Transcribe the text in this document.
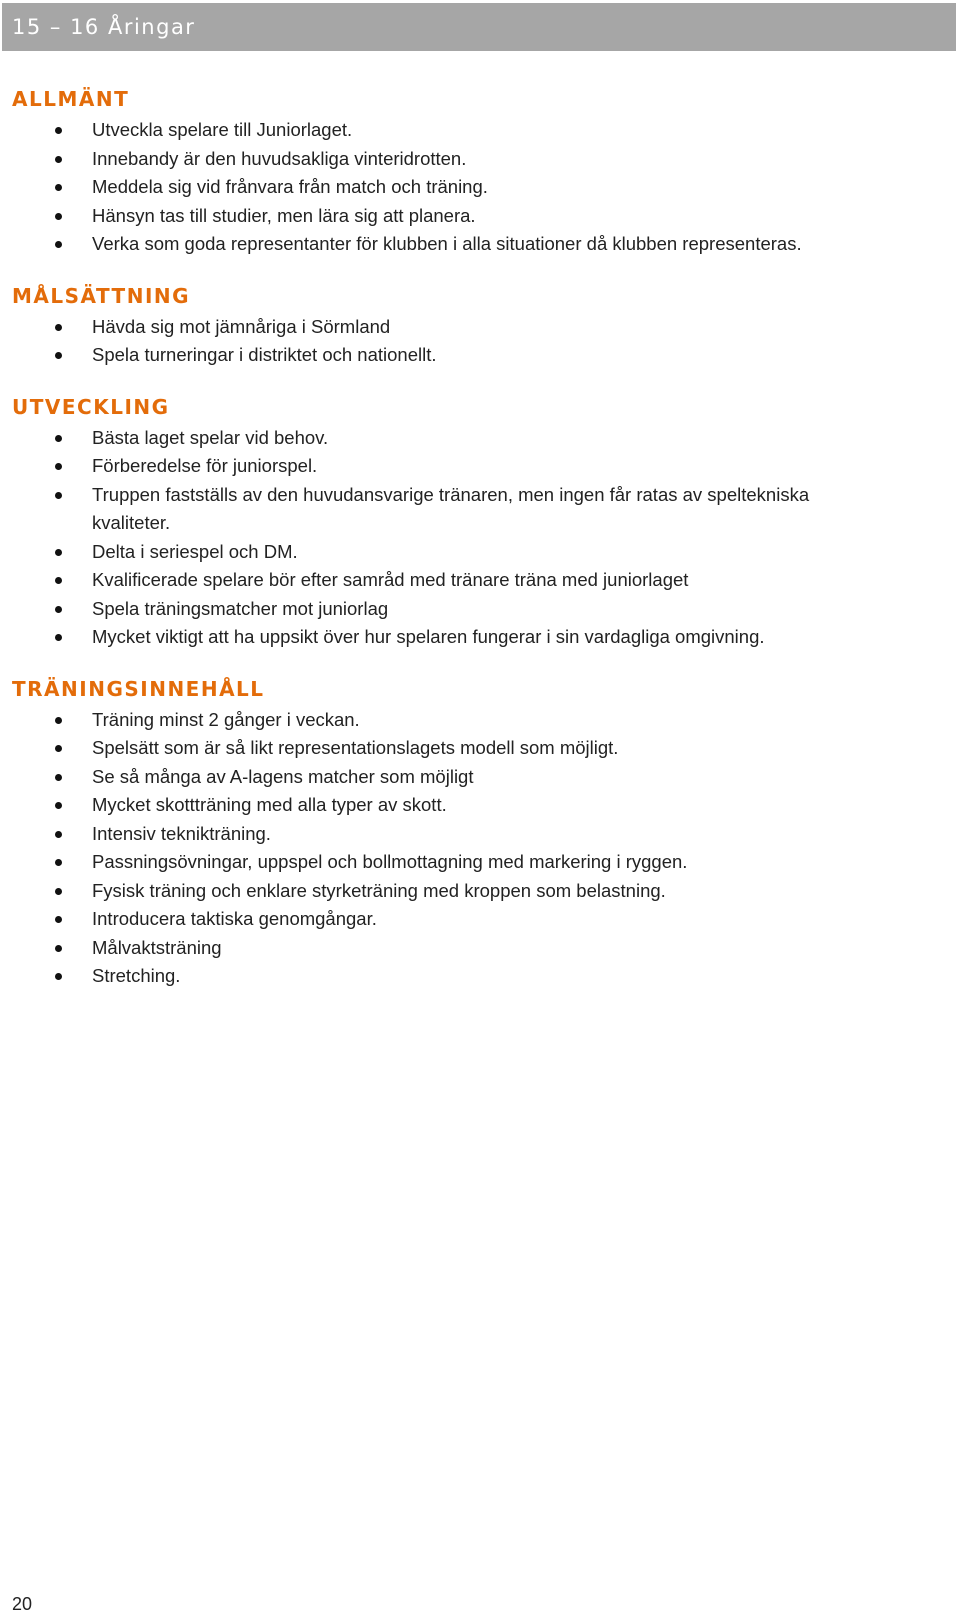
15 – 16 Åringar
ALLMÄNT
Utveckla spelare till Juniorlaget.
Innebandy är den huvudsakliga vinteridrotten.
Meddela sig vid frånvara från match och träning.
Hänsyn tas till studier, men lära sig att planera.
Verka som goda representanter för klubben i alla situationer då klubben representeras.
MÅLSÄTTNING
Hävda sig mot jämnåriga i Sörmland
Spela turneringar i distriktet och nationellt.
UTVECKLING
Bästa laget spelar vid behov.
Förberedelse för juniorspel.
Truppen fastställs av den huvudansvarige tränaren, men ingen får ratas av speltekniska kvaliteter.
Delta i seriespel och DM.
Kvalificerade spelare bör efter samråd med tränare träna med juniorlaget
Spela träningsmatcher mot juniorlag
Mycket viktigt att ha uppsikt över hur spelaren fungerar i sin vardagliga omgivning.
TRÄNINGSINNEHÅLL
Träning minst 2 gånger i veckan.
Spelsätt som är så likt representationslagets modell som möjligt.
Se så många av A-lagens matcher som möjligt
Mycket skottträning med alla typer av skott.
Intensiv teknikträning.
Passningsövningar, uppspel och bollmottagning med markering i ryggen.
Fysisk träning och enklare styrketräning med kroppen som belastning.
Introducera taktiska genomgångar.
Målvaktsträning
Stretching.
20
